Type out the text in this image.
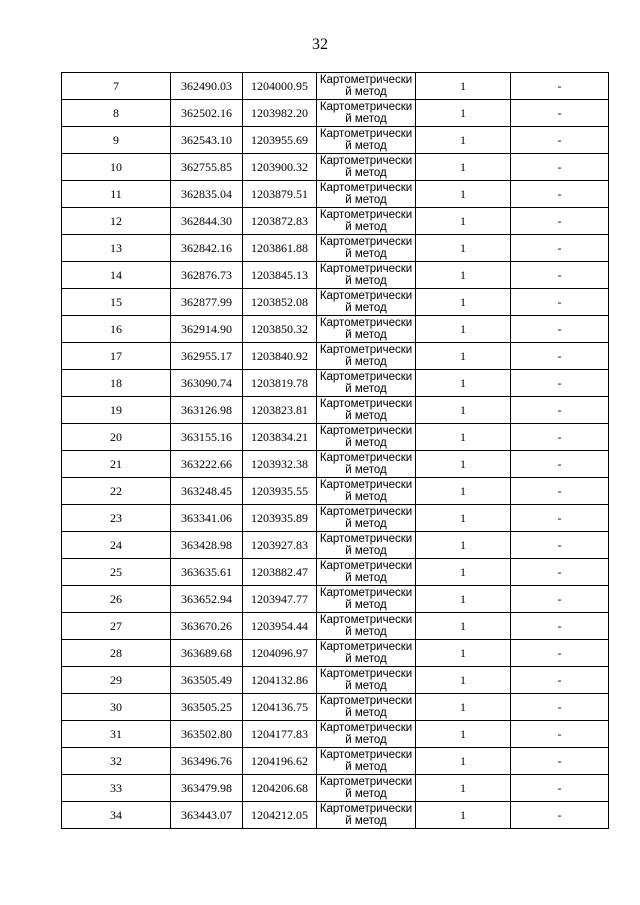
32
7	362490.03	1204000.95	Картометрический метод	1	-
8	362502.16	1203982.20	Картометрический метод	1	-
9	362543.10	1203955.69	Картометрический метод	1	-
10	362755.85	1203900.32	Картометрический метод	1	-
11	362835.04	1203879.51	Картометрический метод	1	-
12	362844.30	1203872.83	Картометрический метод	1	-
13	362842.16	1203861.88	Картометрический метод	1	-
14	362876.73	1203845.13	Картометрический метод	1	-
15	362877.99	1203852.08	Картометрический метод	1	-
16	362914.90	1203850.32	Картометрический метод	1	-
17	362955.17	1203840.92	Картометрический метод	1	-
18	363090.74	1203819.78	Картометрический метод	1	-
19	363126.98	1203823.81	Картометрический метод	1	-
20	363155.16	1203834.21	Картометрический метод	1	-
21	363222.66	1203932.38	Картометрический метод	1	-
22	363248.45	1203935.55	Картометрический метод	1	-
23	363341.06	1203935.89	Картометрический метод	1	-
24	363428.98	1203927.83	Картометрический метод	1	-
25	363635.61	1203882.47	Картометрический метод	1	-
26	363652.94	1203947.77	Картометрический метод	1	-
27	363670.26	1203954.44	Картометрический метод	1	-
28	363689.68	1204096.97	Картометрический метод	1	-
29	363505.49	1204132.86	Картометрический метод	1	-
30	363505.25	1204136.75	Картометрический метод	1	-
31	363502.80	1204177.83	Картометрический метод	1	-
32	363496.76	1204196.62	Картометрический метод	1	-
33	363479.98	1204206.68	Картометрический метод	1	-
34	363443.07	1204212.05	Картометрический метод	1	-
